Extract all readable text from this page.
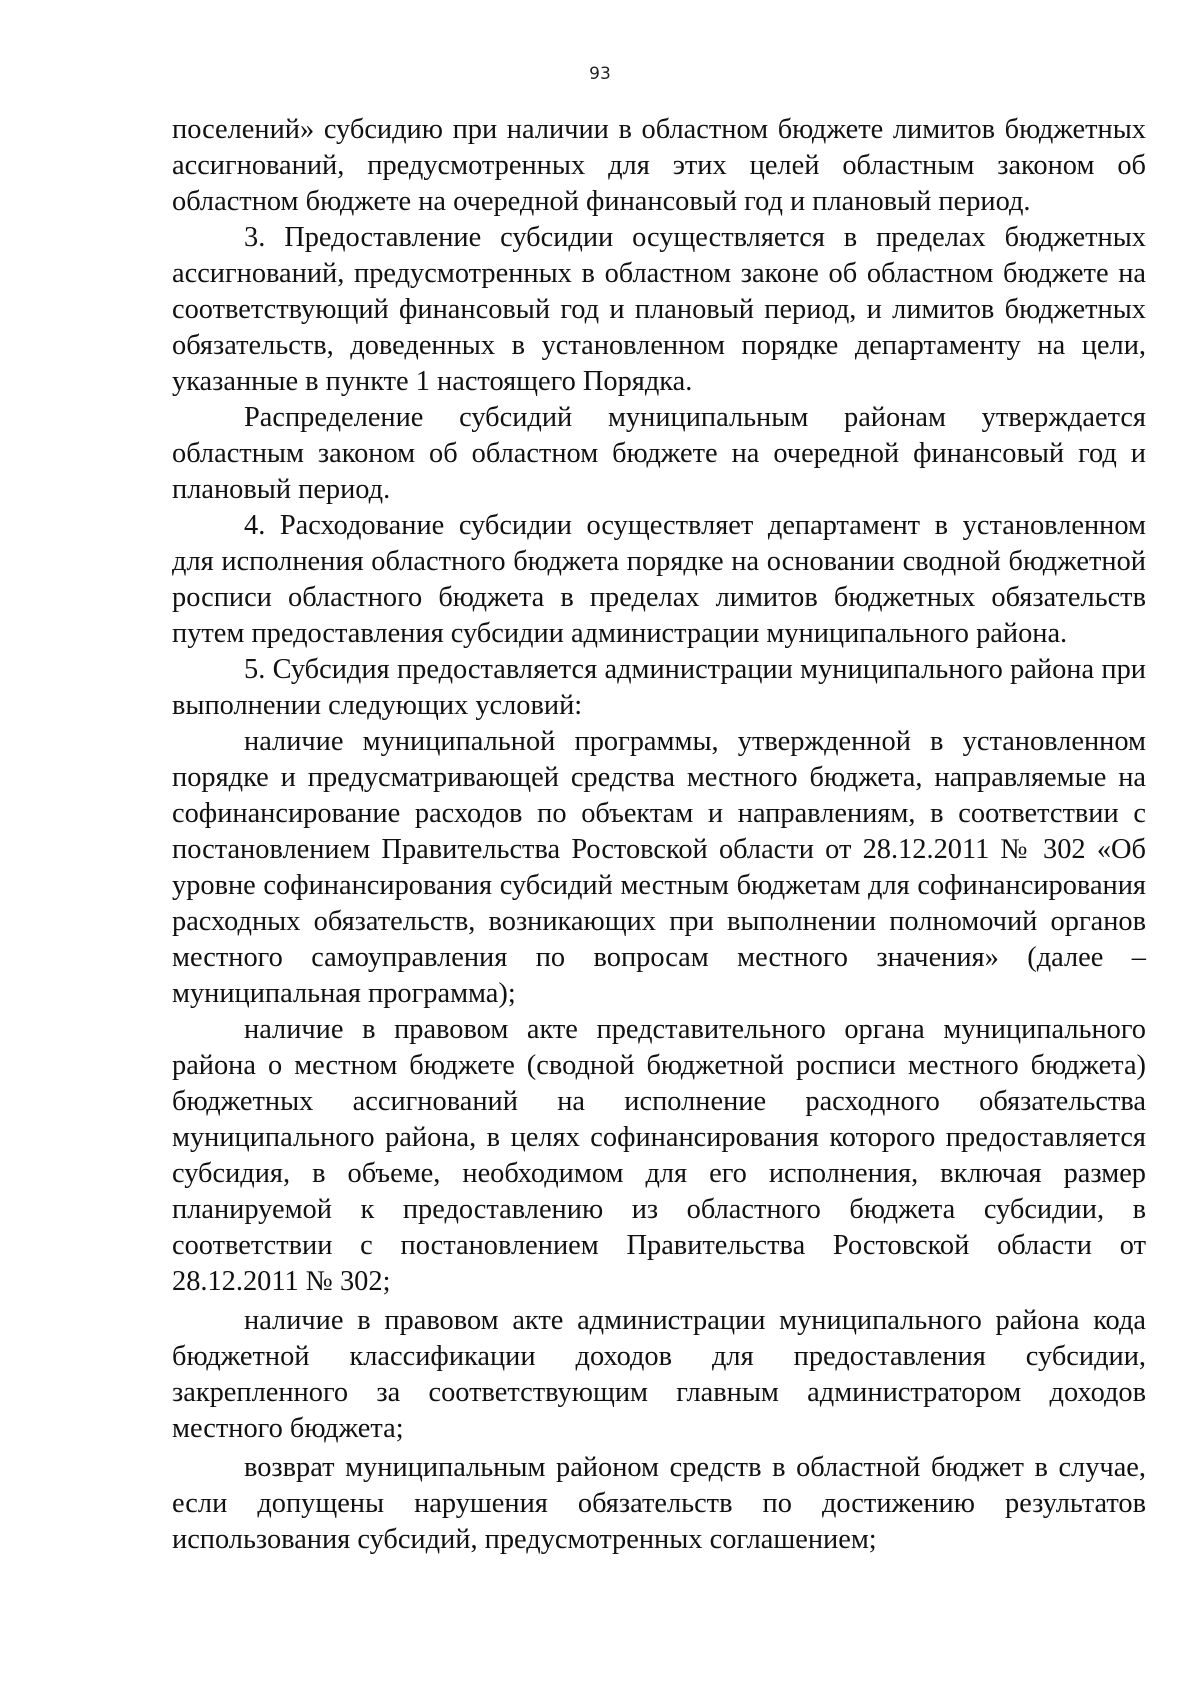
93

поселений» субсидию при наличии в областном бюджете лимитов бюджетных ассигнований, предусмотренных для этих целей областным законом об областном бюджете на очередной финансовый год и плановый период.

3. Предоставление субсидии осуществляется в пределах бюджетных ассигнований, предусмотренных в областном законе об областном бюджете на соответствующий финансовый год и плановый период, и лимитов бюджетных обязательств, доведенных в установленном порядке департаменту на цели, указанные в пункте 1 настоящего Порядка.

Распределение субсидий муниципальным районам утверждается областным законом об областном бюджете на очередной финансовый год и плановый период.

4. Расходование субсидии осуществляет департамент в установленном для исполнения областного бюджета порядке на основании сводной бюджетной росписи областного бюджета в пределах лимитов бюджетных обязательств путем предоставления субсидии администрации муниципального района.

5. Субсидия предоставляется администрации муниципального района при выполнении следующих условий:

наличие муниципальной программы, утвержденной в установленном порядке и предусматривающей средства местного бюджета, направляемые на софинансирование расходов по объектам и направлениям, в соответствии с постановлением Правительства Ростовской области от 28.12.2011 № 302 «Об уровне софинансирования субсидий местным бюджетам для софинансирования расходных обязательств, возникающих при выполнении полномочий органов местного самоуправления по вопросам местного значения» (далее – муниципальная программа);

наличие в правовом акте представительного органа муниципального района о местном бюджете (сводной бюджетной росписи местного бюджета) бюджетных ассигнований на исполнение расходного обязательства муниципального района, в целях софинансирования которого предоставляется субсидия, в объеме, необходимом для его исполнения, включая размер планируемой к предоставлению из областного бюджета субсидии, в соответствии с постановлением Правительства Ростовской области от 28.12.2011 № 302;

наличие в правовом акте администрации муниципального района кода бюджетной классификации доходов для предоставления субсидии, закрепленного за соответствующим главным администратором доходов местного бюджета;

возврат муниципальным районом средств в областной бюджет в случае, если допущены нарушения обязательств по достижению результатов использования субсидий, предусмотренных соглашением;
